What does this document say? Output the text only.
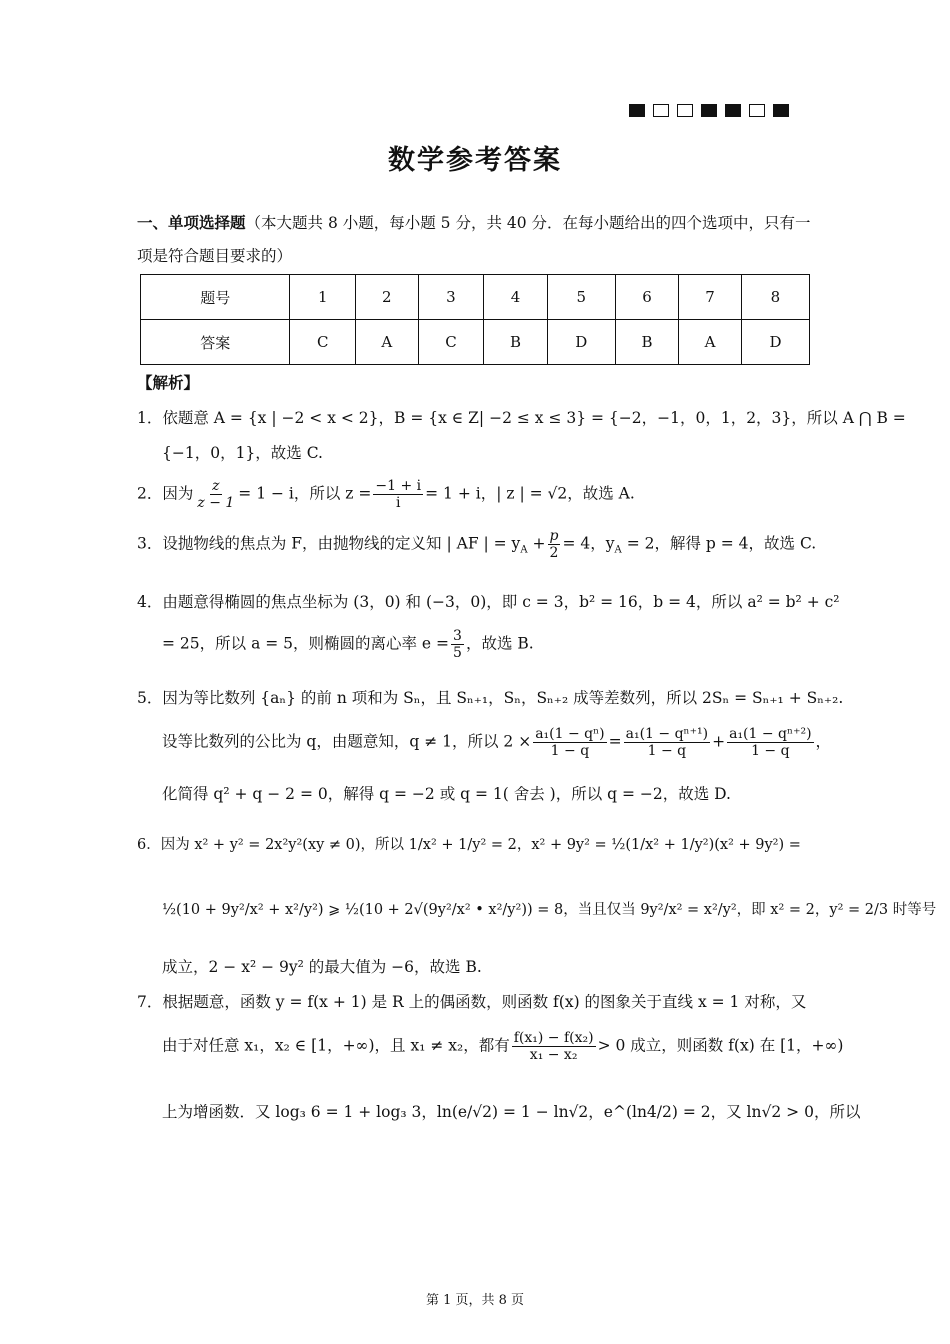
数学参考答案
一、单项选择题（本大题共 8 小题，每小题 5 分，共 40 分．在每小题给出的四个选项中，只有一项是符合题目要求的）
题号	1	2	3	4	5	6	7	8
答案	C	A	C	B	D	B	A	D
【解析】
1．依题意 A = {x | −2 < x < 2}，B = {x ∈ Z| −2 ≤ x ≤ 3} = {−2，−1，0，1，2，3}，所以 A ⋂ B =
{−1，0，1}，故选 C.
2．因为 $\frac{z}{z - 1} = 1 - i$，所以 $z = \frac{-1 + i}{i} = 1 + i$，| z | = √2，故选 A.
3．设抛物线的焦点为 F，由抛物线的定义知 | AF | = $y_A + \frac{p}{2} = 4$，$y_A = 2$，解得 p = 4，故选 C.
4．由题意得椭圆的焦点坐标为 (3，0) 和 (−3，0)，即 c = 3，b² = 16，b = 4，所以 a² = b² + c²
= 25，所以 a = 5，则椭圆的离心率 $e = \frac{3}{5}$ ，故选 B.
5．因为等比数列 {aₙ} 的前 n 项和为 Sₙ，且 Sₙ₊₁，Sₙ，Sₙ₊₂ 成等差数列，所以 2Sₙ = Sₙ₊₁ + Sₙ₊₂.
设等比数列的公比为 q，由题意知，q ≠ 1，所以 $2 \times \frac{\text{a₁(1 − qⁿ)}}{1 - q} = \frac{\text{a₁(1 − qⁿ⁺¹)}}{1 - q} + \frac{\text{a₁(1 − qⁿ⁺²)}}{1 - q}$ ，
化简得 q² + q − 2 = 0，解得 q = −2 或 q = 1( 舍去 )，所以 q = −2，故选 D.
6．因为 x² + y² = 2x²y²(xy ≠ 0)，所以 1/x² + 1/y² = 2，x² + 9y² = ½(1/x² + 1/y²)(x² + 9y²) =
½(10 + 9y²/x² + x²/y²) ⩾ ½(10 + 2√(9y²/x² • x²/y²)) = 8，当且仅当 9y²/x² = x²/y²，即 x² = 2，y² = 2/3 时等号
成立，2 − x² − 9y² 的最大值为 −6，故选 B.
7．根据题意，函数 y = f(x + 1) 是 R 上的偶函数，则函数 f(x) 的图象关于直线 x = 1 对称，又
由于对任意 x₁，x₂ ∈ [1，+∞)，且 x₁ ≠ x₂，都有 $\frac{\text{f(x₁) − f(x₂)}}{\text{x₁ − x₂}} > 0$ 成立，则函数 f(x) 在 [1，+∞)
上为增函数．又 log₃ 6 = 1 + log₃ 3，ln(e/√2) = 1 − ln√2，e^(ln4/2) = 2，又 ln√2 > 0，所以
第 1 页，共 8 页
